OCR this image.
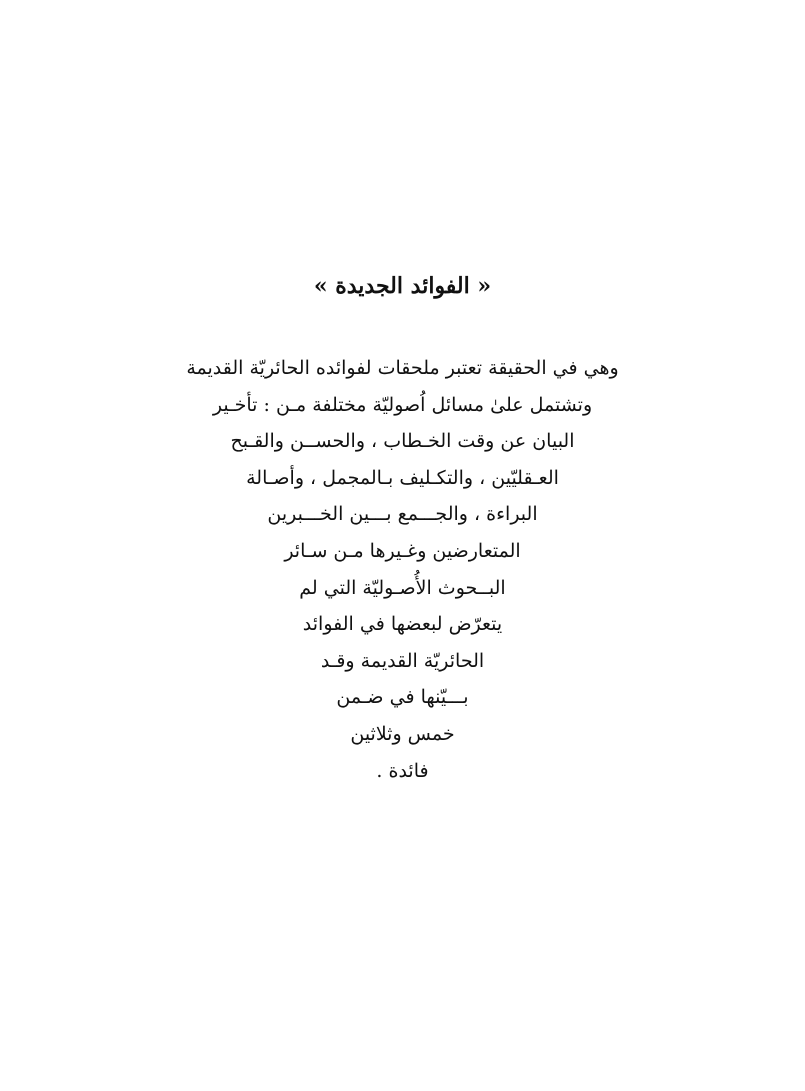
« الفوائد الجديدة »
وهي في الحقيقة تعتبر ملحقات لفوائده الحائريّة القديمة
وتشتمل علىٰ مسائل اُصوليّة مختلفة مـن : تأخـير
البيان عن وقت الخـطاب ، والحســن والقـبح
العـقليّين ، والتكـليف بـالمجمل ، وأصـالة
البراءة ، والجـــمع بـــين الخـــبرين
المتعارضين وغـيرها مـن سـائر
البــحوث الأُصـوليّة التي لم
يتعرّض لبعضها في الفوائد
الحائريّة القديمة وقـد
بـــيّنها في ضـمن
خمس وثلاثين
فائدة .
